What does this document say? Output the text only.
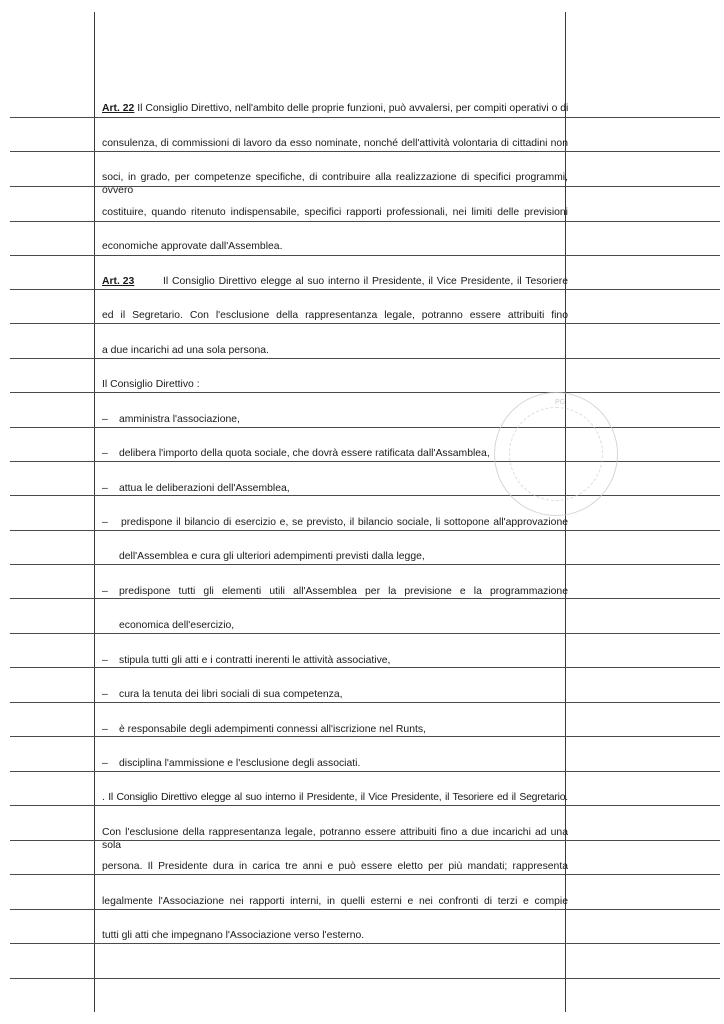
PG
Art. 22 Il Consiglio Direttivo, nell'ambito delle proprie funzioni, può avvalersi, per compiti operativi o di
consulenza, di commissioni di lavoro da esso nominate, nonché dell'attività volontaria di cittadini non
soci, in grado, per competenze specifiche, di contribuire alla realizzazione di specifici programmi, ovvero
costituire, quando ritenuto indispensabile, specifici rapporti professionali, nei limiti delle previsioni
economiche approvate dall'Assemblea.
Art. 23	Il Consiglio Direttivo elegge al suo interno il Presidente, il Vice Presidente, il Tesoriere
ed il Segretario. Con l'esclusione della rappresentanza legale, potranno essere attribuiti fino
a due incarichi ad una sola persona.
Il Consiglio Direttivo :
– amministra l'associazione,
– delibera l'importo della quota sociale, che dovrà essere ratificata dall'Assamblea,
– attua le deliberazioni dell'Assemblea,
– predispone il bilancio di esercizio e, se previsto, il bilancio sociale, li sottopone all'approvazione
dell'Assemblea e cura gli ulteriori adempimenti previsti dalla legge,
– predispone tutti gli elementi utili all'Assemblea per la previsione e la programmazione
economica dell'esercizio,
– stipula tutti gli atti e i contratti inerenti le attività associative,
– cura la tenuta dei libri sociali di sua competenza,
– è responsabile degli adempimenti connessi all'iscrizione nel Runts,
– disciplina l'ammissione e l'esclusione degli associati.
. Il Consiglio Direttivo elegge al suo interno il Presidente, il Vice Presidente, il Tesoriere ed il Segretario.
Con l'esclusione della rappresentanza legale, potranno essere attribuiti fino a due incarichi ad una sola
persona. Il Presidente dura in carica tre anni e può essere eletto per più mandati; rappresenta
legalmente l'Associazione nei rapporti interni, in quelli esterni e nei confronti di terzi e compie
tutti gli atti che impegnano l'Associazione verso l'esterno.
